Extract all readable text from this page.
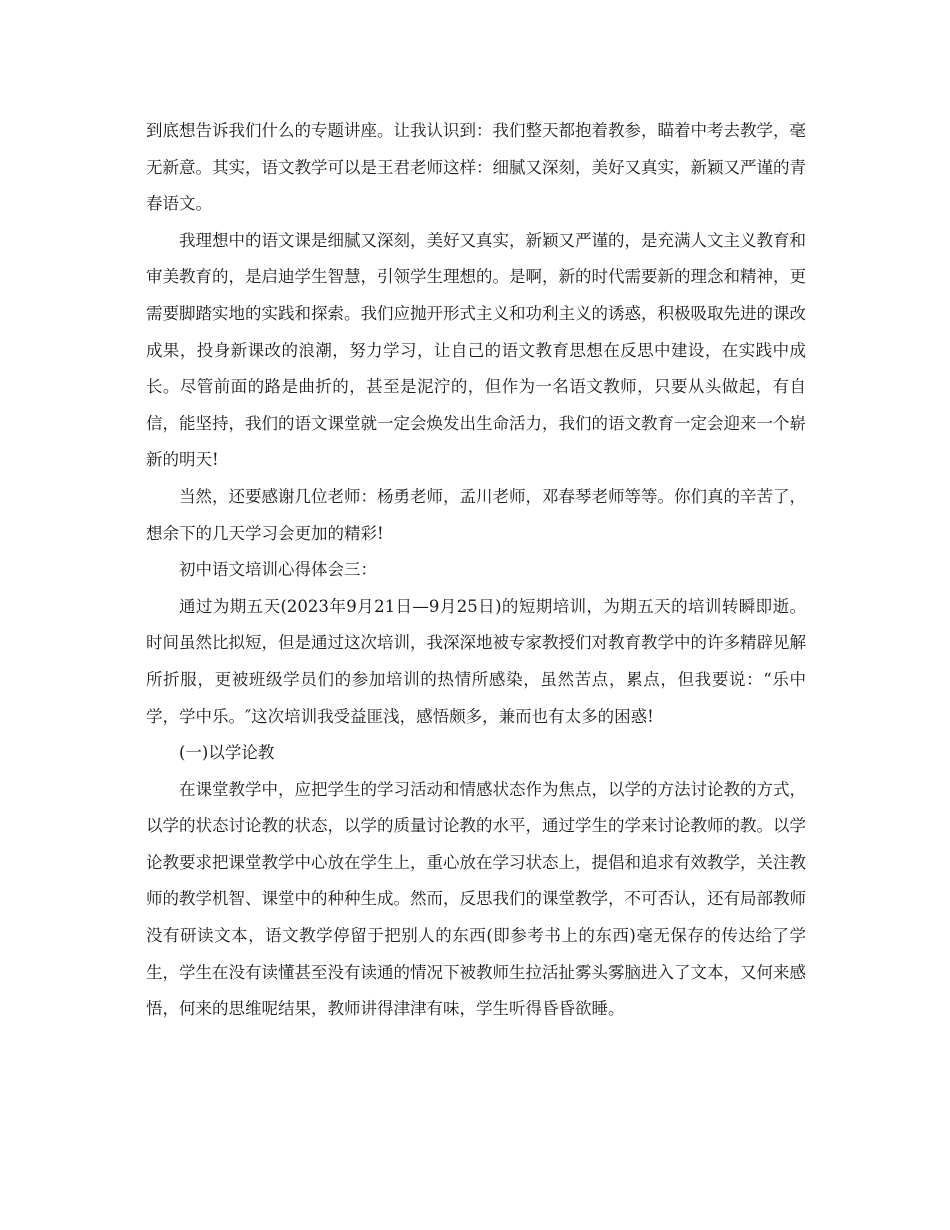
到底想告诉我们什么的专题讲座。让我认识到：我们整天都抱着教参，瞄着中考去教学，毫无新意。其实，语文教学可以是王君老师这样：细腻又深刻，美好又真实，新颖又严谨的青春语文。

我理想中的语文课是细腻又深刻，美好又真实，新颖又严谨的，是充满人文主义教育和审美教育的，是启迪学生智慧，引领学生理想的。是啊，新的时代需要新的理念和精神，更需要脚踏实地的实践和探索。我们应抛开形式主义和功利主义的诱惑，积极吸取先进的课改成果，投身新课改的浪潮，努力学习，让自己的语文教育思想在反思中建设，在实践中成长。尽管前面的路是曲折的，甚至是泥泞的，但作为一名语文教师，只要从头做起，有自信，能坚持，我们的语文课堂就一定会焕发出生命活力，我们的语文教育一定会迎来一个崭新的明天!

当然，还要感谢几位老师：杨勇老师，孟川老师，邓春琴老师等等。你们真的辛苦了，想余下的几天学习会更加的精彩!

初中语文培训心得体会三：

通过为期五天(2023年9月21日—9月25日)的短期培训，为期五天的培训转瞬即逝。时间虽然比拟短，但是通过这次培训，我深深地被专家教授们对教育教学中的许多精辟见解所折服，更被班级学员们的参加培训的热情所感染，虽然苦点，累点，但我要说：“乐中学，学中乐。″这次培训我受益匪浅，感悟颇多，兼而也有太多的困惑!

(一)以学论教

在课堂教学中，应把学生的学习活动和情感状态作为焦点，以学的方法讨论教的方式，以学的状态讨论教的状态，以学的质量讨论教的水平，通过学生的学来讨论教师的教。以学论教要求把课堂教学中心放在学生上，重心放在学习状态上，提倡和追求有效教学，关注教师的教学机智、课堂中的种种生成。然而，反思我们的课堂教学，不可否认，还有局部教师没有研读文本，语文教学停留于把别人的东西(即参考书上的东西)毫无保存的传达给了学生，学生在没有读懂甚至没有读通的情况下被教师生拉活扯雾头雾脑进入了文本，又何来感悟，何来的思维呢结果，教师讲得津津有味，学生听得昏昏欲睡。
